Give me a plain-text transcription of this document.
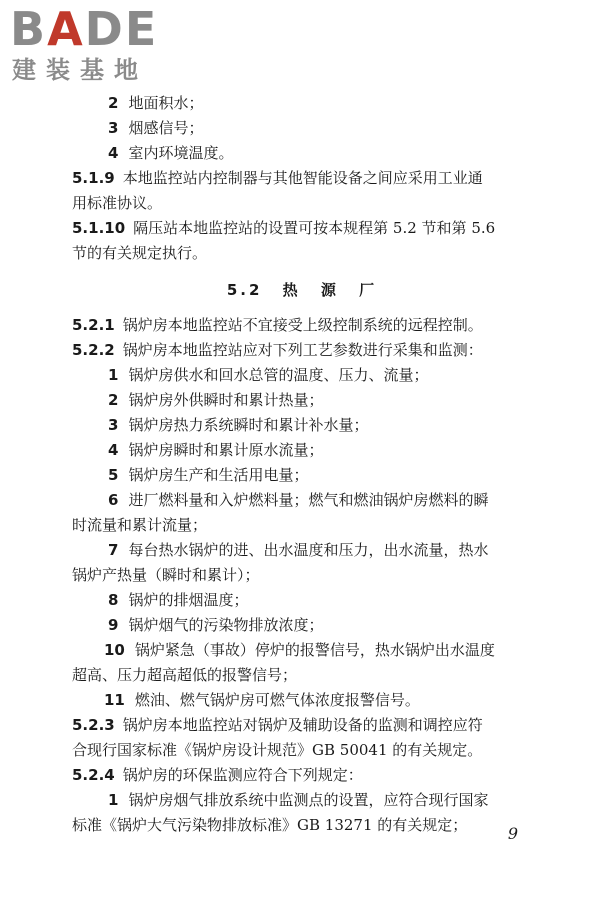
BADE
建装基地
2 地面积水；
3 烟感信号；
4 室内环境温度。
5.1.9 本地监控站内控制器与其他智能设备之间应采用工业通
用标准协议。
5.1.10 隔压站本地监控站的设置可按本规程第 5.2 节和第 5.6
节的有关规定执行。
5.2 热 源 厂
5.2.1 锅炉房本地监控站不宜接受上级控制系统的远程控制。
5.2.2 锅炉房本地监控站应对下列工艺参数进行采集和监测：
1 锅炉房供水和回水总管的温度、压力、流量；
2 锅炉房外供瞬时和累计热量；
3 锅炉房热力系统瞬时和累计补水量；
4 锅炉房瞬时和累计原水流量；
5 锅炉房生产和生活用电量；
6 进厂燃料量和入炉燃料量；燃气和燃油锅炉房燃料的瞬
时流量和累计流量；
7 每台热水锅炉的进、出水温度和压力，出水流量，热水
锅炉产热量（瞬时和累计）；
8 锅炉的排烟温度；
9 锅炉烟气的污染物排放浓度；
10 锅炉紧急（事故）停炉的报警信号，热水锅炉出水温度
超高、压力超高超低的报警信号；
11 燃油、燃气锅炉房可燃气体浓度报警信号。
5.2.3 锅炉房本地监控站对锅炉及辅助设备的监测和调控应符
合现行国家标准《锅炉房设计规范》GB 50041 的有关规定。
5.2.4 锅炉房的环保监测应符合下列规定：
1 锅炉房烟气排放系统中监测点的设置，应符合现行国家
标准《锅炉大气污染物排放标准》GB 13271 的有关规定；	9
